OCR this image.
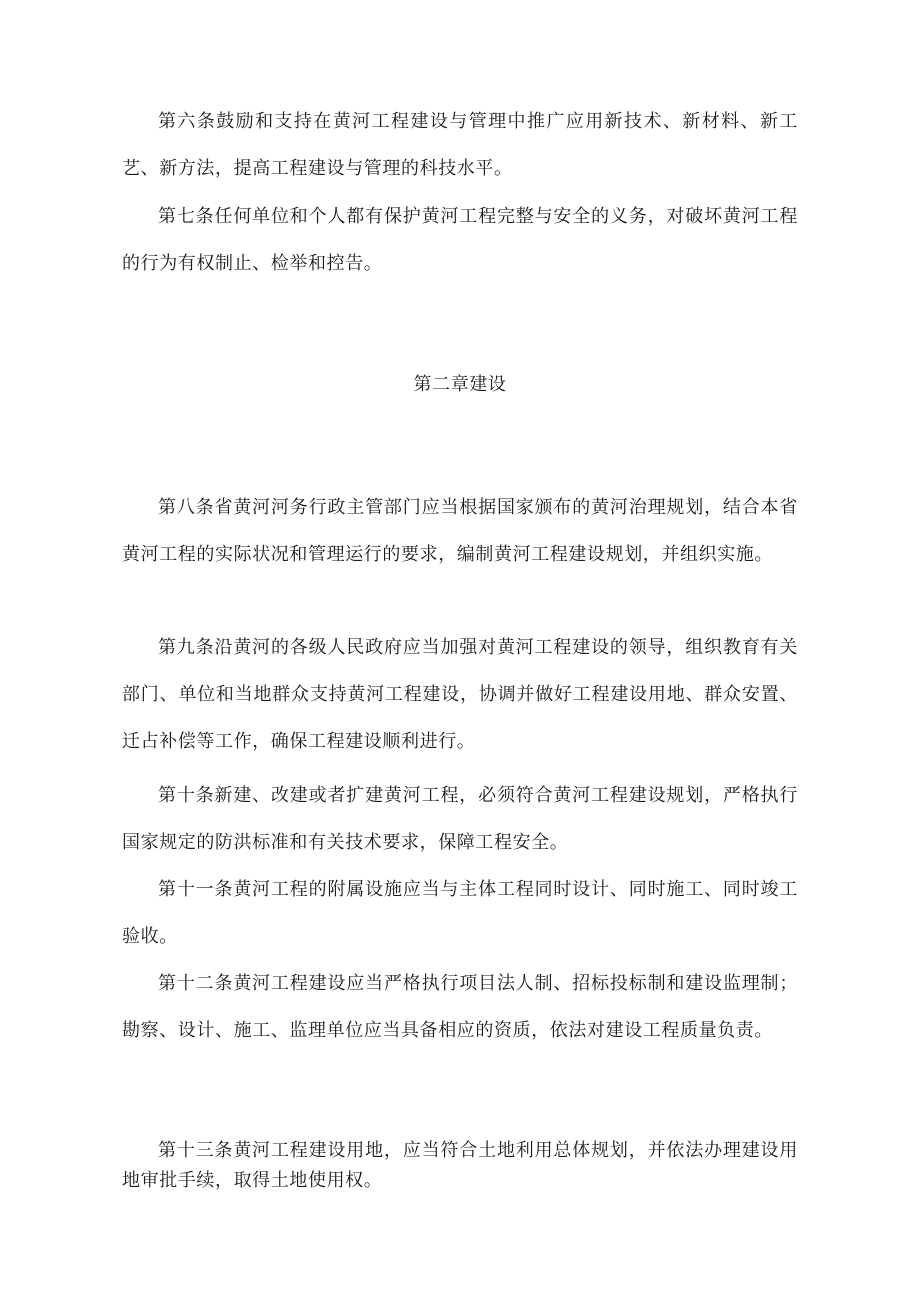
第六条鼓励和支持在黄河工程建设与管理中推广应用新技术、新材料、新工艺、新方法，提高工程建设与管理的科技水平。

第七条任何单位和个人都有保护黄河工程完整与安全的义务，对破坏黄河工程的行为有权制止、检举和控告。

第二章建设

第八条省黄河河务行政主管部门应当根据国家颁布的黄河治理规划，结合本省黄河工程的实际状况和管理运行的要求，编制黄河工程建设规划，并组织实施。

第九条沿黄河的各级人民政府应当加强对黄河工程建设的领导，组织教育有关部门、单位和当地群众支持黄河工程建设，协调并做好工程建设用地、群众安置、迁占补偿等工作，确保工程建设顺利进行。

第十条新建、改建或者扩建黄河工程，必须符合黄河工程建设规划，严格执行国家规定的防洪标准和有关技术要求，保障工程安全。

第十一条黄河工程的附属设施应当与主体工程同时设计、同时施工、同时竣工验收。

第十二条黄河工程建设应当严格执行项目法人制、招标投标制和建设监理制；勘察、设计、施工、监理单位应当具备相应的资质，依法对建设工程质量负责。

第十三条黄河工程建设用地，应当符合土地利用总体规划，并依法办理建设用地审批手续，取得土地使用权。
